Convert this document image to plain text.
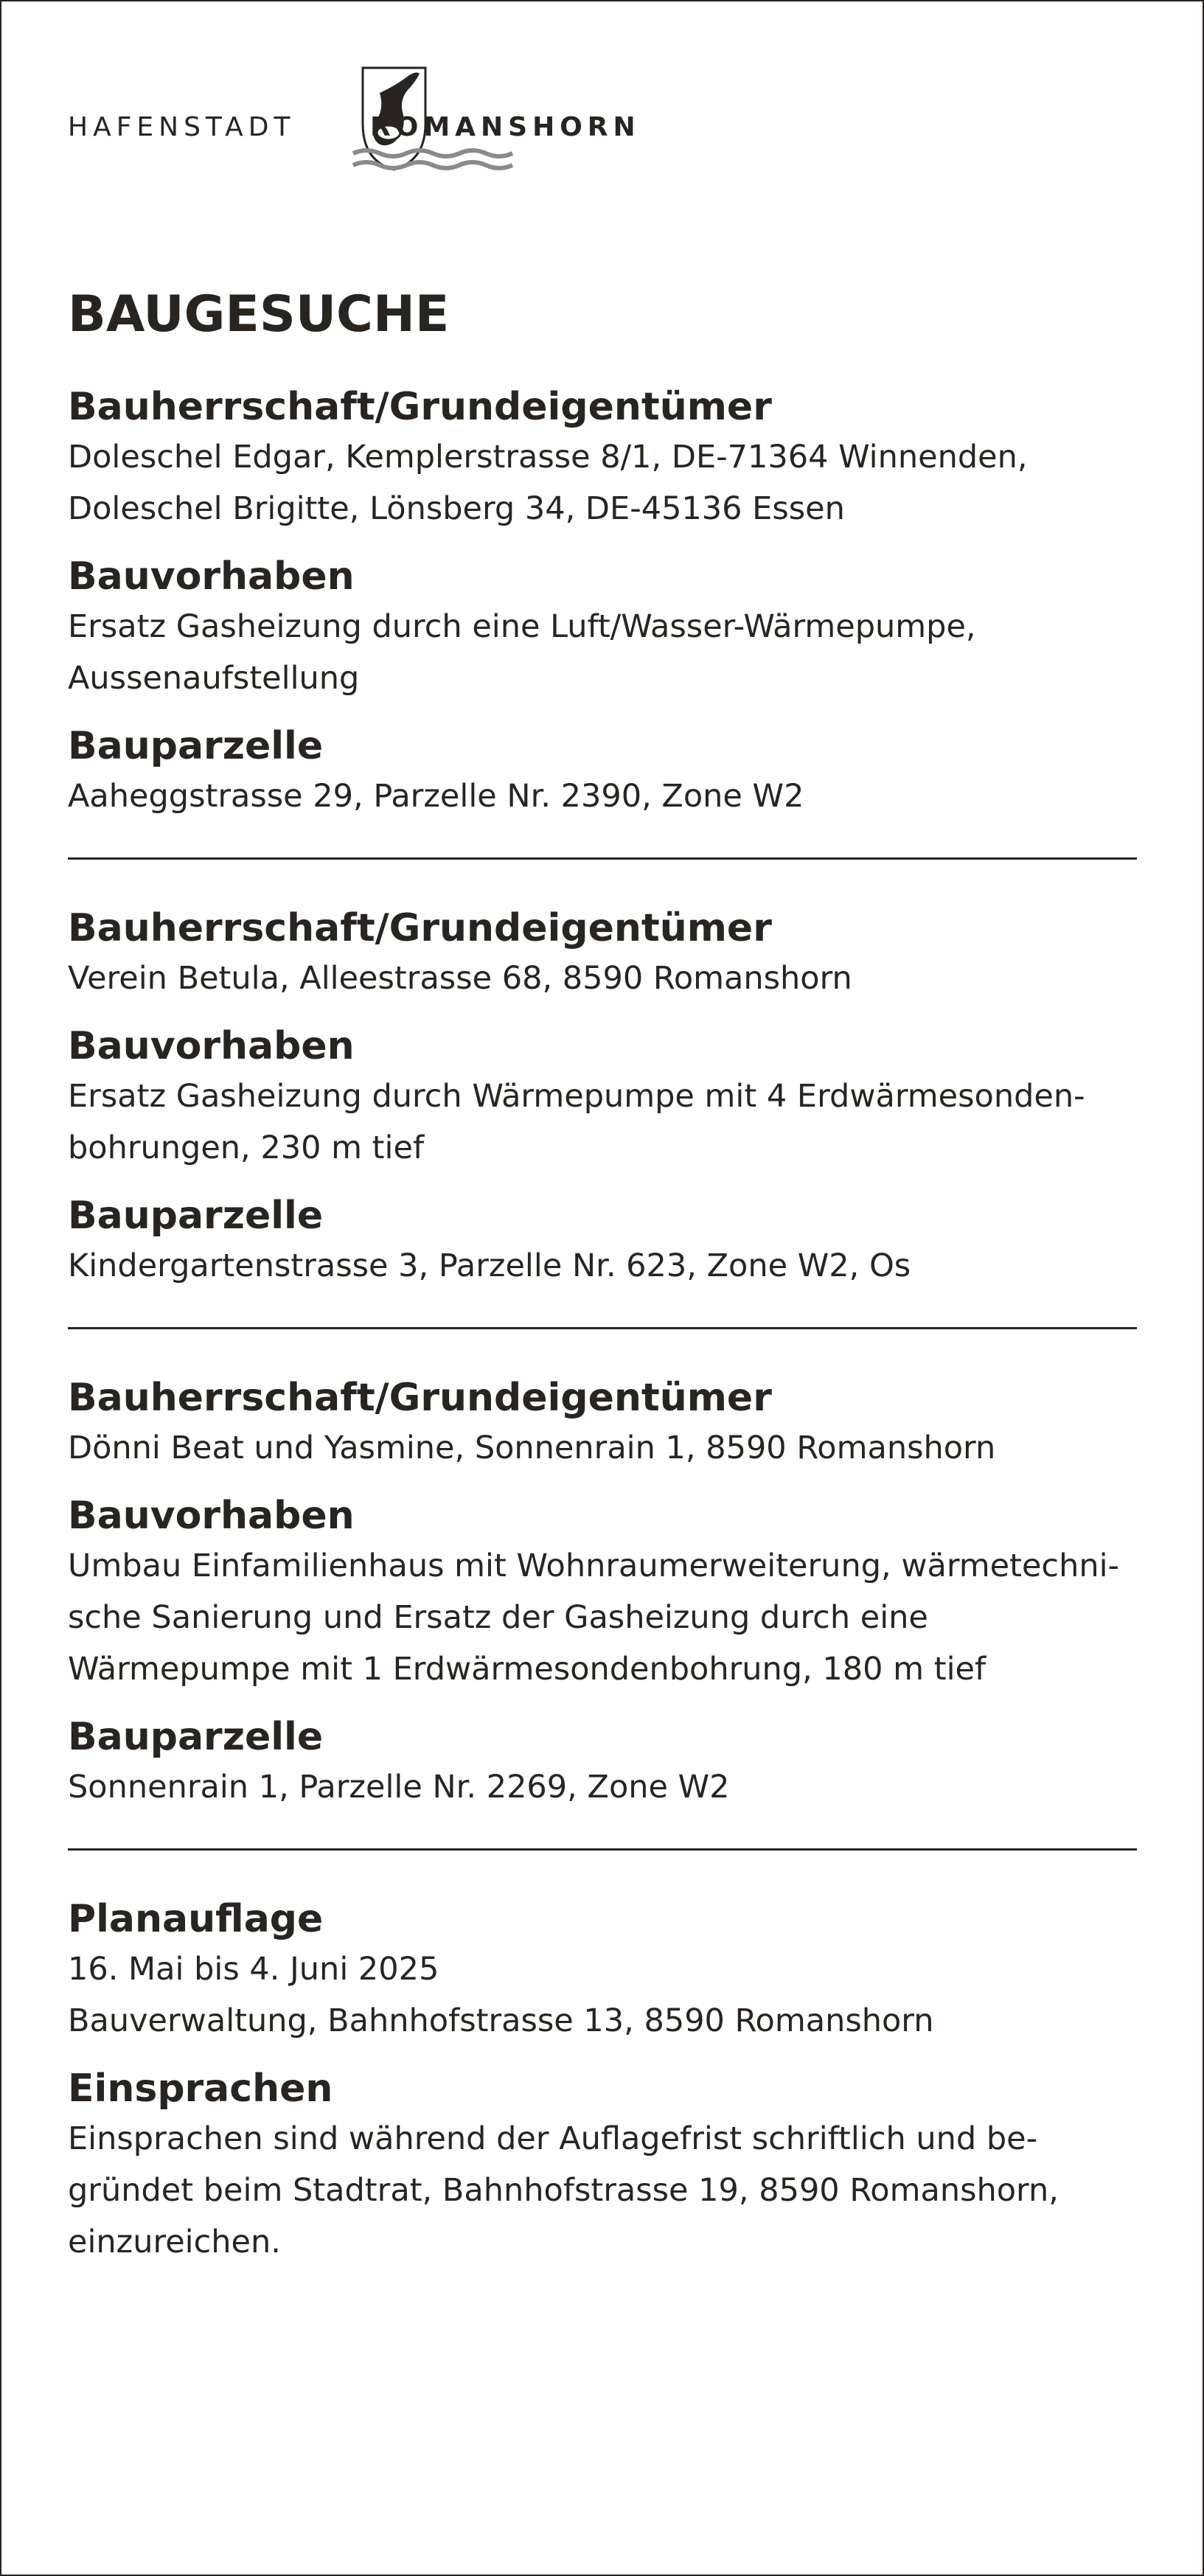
HAFENSTADT	ROMANSHORN
BAUGESUCHE

Bauherrschaft/Grundeigentümer

Doleschel Edgar, Kemplerstrasse 8/1, DE-71364 Winnenden,

Doleschel Brigitte, Lönsberg 34, DE-45136 Essen

Bauvorhaben

Ersatz Gasheizung durch eine Luft/Wasser-Wärmepumpe,

Aussenaufstellung

Bauparzelle

Aaheggstrasse 29, Parzelle Nr. 2390, Zone W2

Bauherrschaft/Grundeigentümer

Verein Betula, Alleestrasse 68, 8590 Romanshorn

Bauvorhaben

Ersatz Gasheizung durch Wärmepumpe mit 4 Erdwärmesonden-

bohrungen, 230 m tief

Bauparzelle

Kindergartenstrasse 3, Parzelle Nr. 623, Zone W2, Os

Bauherrschaft/Grundeigentümer

Dönni Beat und Yasmine, Sonnenrain 1, 8590 Romanshorn

Bauvorhaben

Umbau Einfamilienhaus mit Wohnraumerweiterung, wärmetechni-

sche Sanierung und Ersatz der Gasheizung durch eine

Wärmepumpe mit 1 Erdwärmesondenbohrung, 180 m tief

Bauparzelle

Sonnenrain 1, Parzelle Nr. 2269, Zone W2

Planauflage

16. Mai bis 4. Juni 2025

Bauverwaltung, Bahnhofstrasse 13, 8590 Romanshorn

Einsprachen

Einsprachen sind während der Auflagefrist schriftlich und be-

gründet beim Stadtrat, Bahnhofstrasse 19, 8590 Romanshorn,

einzureichen.
